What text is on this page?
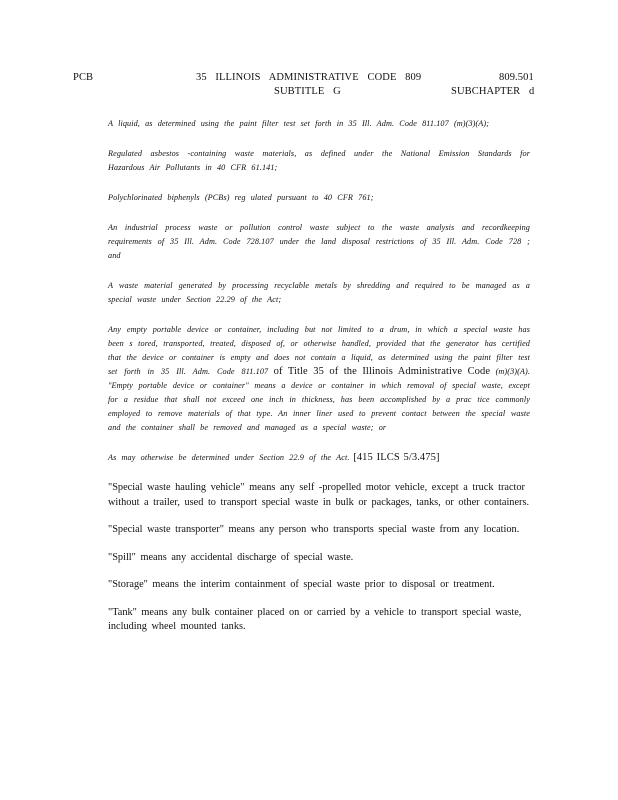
PCB	35 ILLINOIS ADMINISTRATIVE CODE 809	809.501
SUBTITLE G	SUBCHAPTER d

A liquid, as determined using the paint filter test set forth in 35 Ill. Adm. Code 811.107 (m)(3)(A);

Regulated asbestos -containing waste materials, as defined under the National Emission Standards for Hazardous Air Pollutants in 40 CFR 61.141;

Polychlorinated biphenyls (PCBs) reg ulated pursuant to 40 CFR 761;

An industrial process waste or pollution control waste subject to the waste analysis and recordkeeping requirements of 35 Ill. Adm. Code 728.107 under the land disposal restrictions of 35 Ill. Adm. Code 728 ; and

A waste material generated by processing recyclable metals by shredding and required to be managed as a special waste under Section 22.29 of the Act;

Any empty portable device or container, including but not limited to a drum, in which a special waste has been s tored, transported, treated, disposed of, or otherwise handled, provided that the generator has certified that the device or container is empty and does not contain a liquid, as determined using the paint filter test set forth in 35 Ill. Adm. Code 811.107 of Title 35 of the Illinois Administrative Code (m)(3)(A). "Empty portable device or container" means a device or container in which removal of special waste, except for a residue that shall not exceed one inch in thickness, has been accomplished by a prac tice commonly employed to remove materials of that type. An inner liner used to prevent contact between the special waste and the container shall be removed and managed as a special waste; or

As may otherwise be determined under Section 22.9 of the Act. [415 ILCS 5/3.475]

"Special waste hauling vehicle" means any self -propelled motor vehicle, except a truck tractor without a trailer, used to transport special waste in bulk or packages, tanks, or other containers.

"Special waste transporter" means any person who transports special waste from any location.

"Spill" means any accidental discharge of special waste.

"Storage" means the interim containment of special waste prior to disposal or treatment.

"Tank" means any bulk container placed on or carried by a vehicle to transport special waste, including wheel mounted tanks.
